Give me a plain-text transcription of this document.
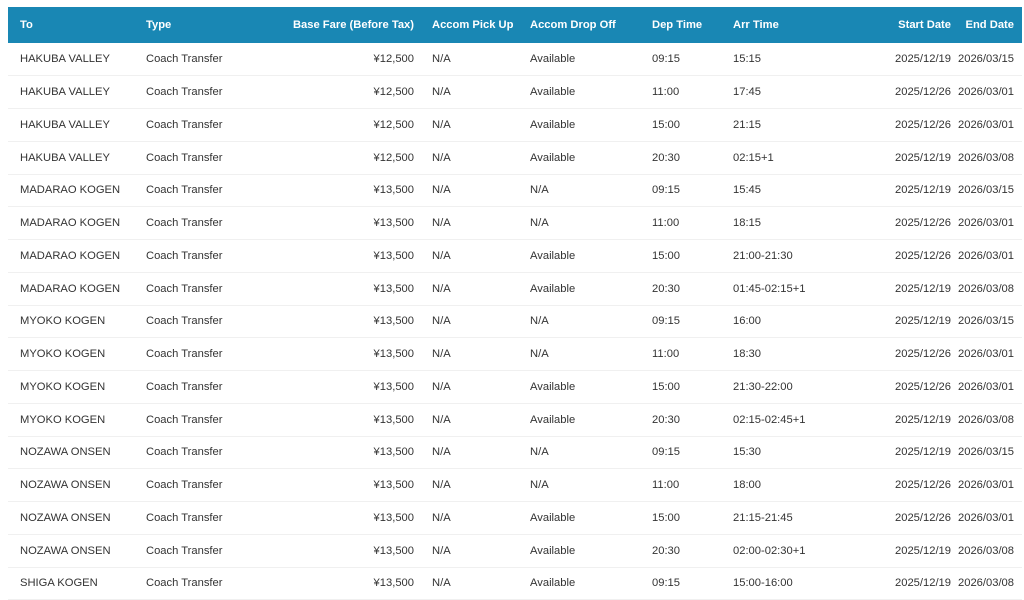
To	Type	Base Fare (Before Tax)	Accom Pick Up	Accom Drop Off	Dep Time	Arr Time	Start Date	End Date
HAKUBA VALLEY	Coach Transfer	¥12,500	N/A	Available	09:15	15:15	2025/12/19	2026/03/15
HAKUBA VALLEY	Coach Transfer	¥12,500	N/A	Available	11:00	17:45	2025/12/26	2026/03/01
HAKUBA VALLEY	Coach Transfer	¥12,500	N/A	Available	15:00	21:15	2025/12/26	2026/03/01
HAKUBA VALLEY	Coach Transfer	¥12,500	N/A	Available	20:30	02:15+1	2025/12/19	2026/03/08
MADARAO KOGEN	Coach Transfer	¥13,500	N/A	N/A	09:15	15:45	2025/12/19	2026/03/15
MADARAO KOGEN	Coach Transfer	¥13,500	N/A	N/A	11:00	18:15	2025/12/26	2026/03/01
MADARAO KOGEN	Coach Transfer	¥13,500	N/A	Available	15:00	21:00-21:30	2025/12/26	2026/03/01
MADARAO KOGEN	Coach Transfer	¥13,500	N/A	Available	20:30	01:45-02:15+1	2025/12/19	2026/03/08
MYOKO KOGEN	Coach Transfer	¥13,500	N/A	N/A	09:15	16:00	2025/12/19	2026/03/15
MYOKO KOGEN	Coach Transfer	¥13,500	N/A	N/A	11:00	18:30	2025/12/26	2026/03/01
MYOKO KOGEN	Coach Transfer	¥13,500	N/A	Available	15:00	21:30-22:00	2025/12/26	2026/03/01
MYOKO KOGEN	Coach Transfer	¥13,500	N/A	Available	20:30	02:15-02:45+1	2025/12/19	2026/03/08
NOZAWA ONSEN	Coach Transfer	¥13,500	N/A	N/A	09:15	15:30	2025/12/19	2026/03/15
NOZAWA ONSEN	Coach Transfer	¥13,500	N/A	N/A	11:00	18:00	2025/12/26	2026/03/01
NOZAWA ONSEN	Coach Transfer	¥13,500	N/A	Available	15:00	21:15-21:45	2025/12/26	2026/03/01
NOZAWA ONSEN	Coach Transfer	¥13,500	N/A	Available	20:30	02:00-02:30+1	2025/12/19	2026/03/08
SHIGA KOGEN	Coach Transfer	¥13,500	N/A	Available	09:15	15:00-16:00	2025/12/19	2026/03/08
